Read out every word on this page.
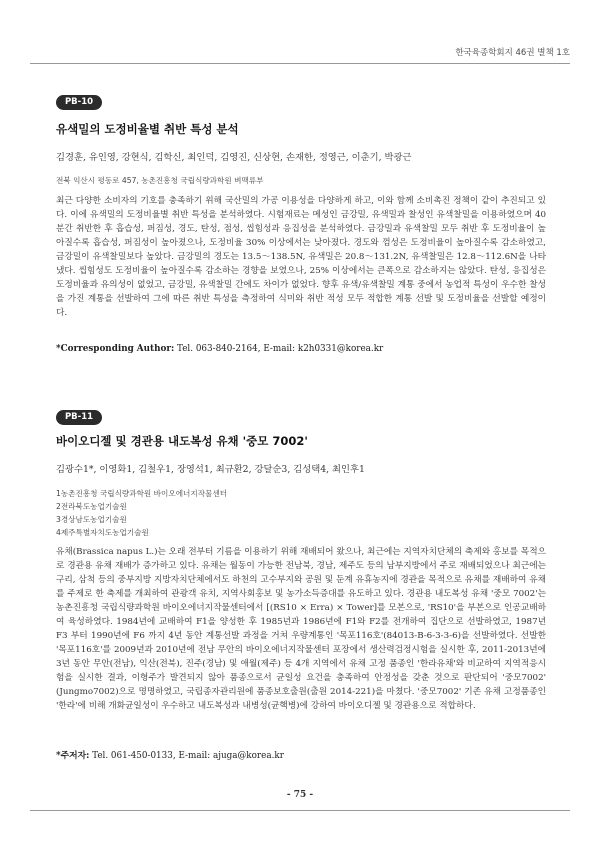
한국육종학회지 46권 별책 1호
PB-10
유색밀의 도정비율별 취반 특성 분석
김경훈, 유인영, 강현식, 김학신, 최인덕, 김영진, 신상현, 손재한, 정영근, 이춘기, 박광근
전북 익산시 평동로 457, 농촌진흥청 국립식량과학원 벼맥류부

최근 다양한 소비자의 기호를 충족하기 위해 국산밀의 가공 이용성을 다양하게 하고, 이와 함께 소비촉진 정책이 같이 추진되고 있다. 이에 유색밀의 도정비율별 취반 특성을 분석하였다. 시험재료는 메성인 금강밀, 유색밀과 찰성인 유색찰밀을 이용하였으며 40분간 취반한 후 흡습성, 퍼짐성, 경도, 탄성, 점성, 씹힘성과 응집성을 분석하였다. 금강밀과 유색찰밀 모두 취반 후 도정비율이 높아질수록 흡습성, 퍼짐성이 높아졌으나, 도정비율 30% 이상에서는 낮아졌다. 경도와 껌성은 도정비율이 높아질수록 감소하였고, 금강밀이 유색찰밀보다 높았다. 금강밀의 경도는 13.5～138.5N, 유색밀은 20.8～131.2N, 유색찰밀은 12.8～112.6N을 나타냈다. 씹힘성도 도정비율이 높아질수록 감소하는 경향을 보였으나, 25% 이상에서는 큰폭으로 감소하지는 않았다. 탄성, 응집성은 도정비율과 유의성이 없었고, 금강밀, 유색찰밀 간에도 차이가 없었다. 향후 유색/유색찰밀 계통 중에서 농업적 특성이 우수한 찰성을 가진 계통을 선발하여 그에 따른 취반 특성을 측정하여 식미와 취반 적성 모두 적합한 계통 선발 및 도정비율을 선발할 예정이다.

*Corresponding Author: Tel. 063-840-2164, E-mail: k2h0331@korea.kr
PB-11
바이오디젤 및 경관용 내도복성 유채 '중모 7002'
김광수1*, 이영화1, 김철우1, 장영석1, 최규환2, 강달순3, 김성택4, 최인후1
1농촌진흥청 국립식량과학원 바이오에너지작물센터
2전라북도농업기술원
3경상남도농업기술원
4제주특별자치도농업기술원

유채(Brassica napus L.)는 오래 전부터 기름을 이용하기 위해 재배되어 왔으나, 최근에는 지역자치단체의 축제와 홍보를 목적으로 경관용 유채 재배가 증가하고 있다. 유채는 월동이 가능한 전남북, 경남, 제주도 등의 남부지방에서 주로 재배되었으나 최근에는 구리, 삼척 등의 중부지방 지방자치단체에서도 하천의 고수부지와 공원 및 둔계 유휴농지에 경관을 목적으로 유채를 재배하여 유채를 주제로 한 축제를 개최하여 관광객 유치, 지역사회홍보 및 농가소득증대를 유도하고 있다. 경관용 내도복성 유채 '중모 7002'는 농촌진흥청 국립식량과학원 바이오에너지작물센터에서 [(RS10 × Erra) × Tower]를 모본으로, 'RS10'을 부본으로 인공교배하여 육성하였다. 1984년에 교배하여 F1을 양성한 후 1985년과 1986년에 F1와 F2를 전개하여 집단으로 선발하였고, 1987년 F3 부터 1990년에 F6 까지 4년 동안 계통선발 과정을 거쳐 우량계통인 '목포116호'(84013-B-6-3-3-6)을 선발하였다. 선발한 '목포116호'를 2009년과 2010년에 전남 무안의 바이오에너지작물센터 포장에서 생산력검정시험을 실시한 후, 2011-2013년에 3년 동안 무안(전남), 익산(전북), 진주(경남) 및 애월(제주) 등 4개 지역에서 유채 고정 품종인 '한라유채'와 비교하여 지역적응시험을 실시한 결과, 이형주가 발견되지 않아 품종으로서 균일성 요건을 충족하여 안정성을 갖춘 것으로 판단되어 '중모7002' (Jungmo7002)으로 명명하였고, 국립종자관리원에 품종보호출원(출원 2014-221)을 마쳤다. '중모7002' 기존 유채 고정품종인 '한라'에 비해 개화균일성이 우수하고 내도복성과 내병성(균핵병)에 강하여 바이오디젤 및 경관용으로 적합하다.

*주저자: Tel. 061-450-0133, E-mail: ajuga@korea.kr
- 75 -
